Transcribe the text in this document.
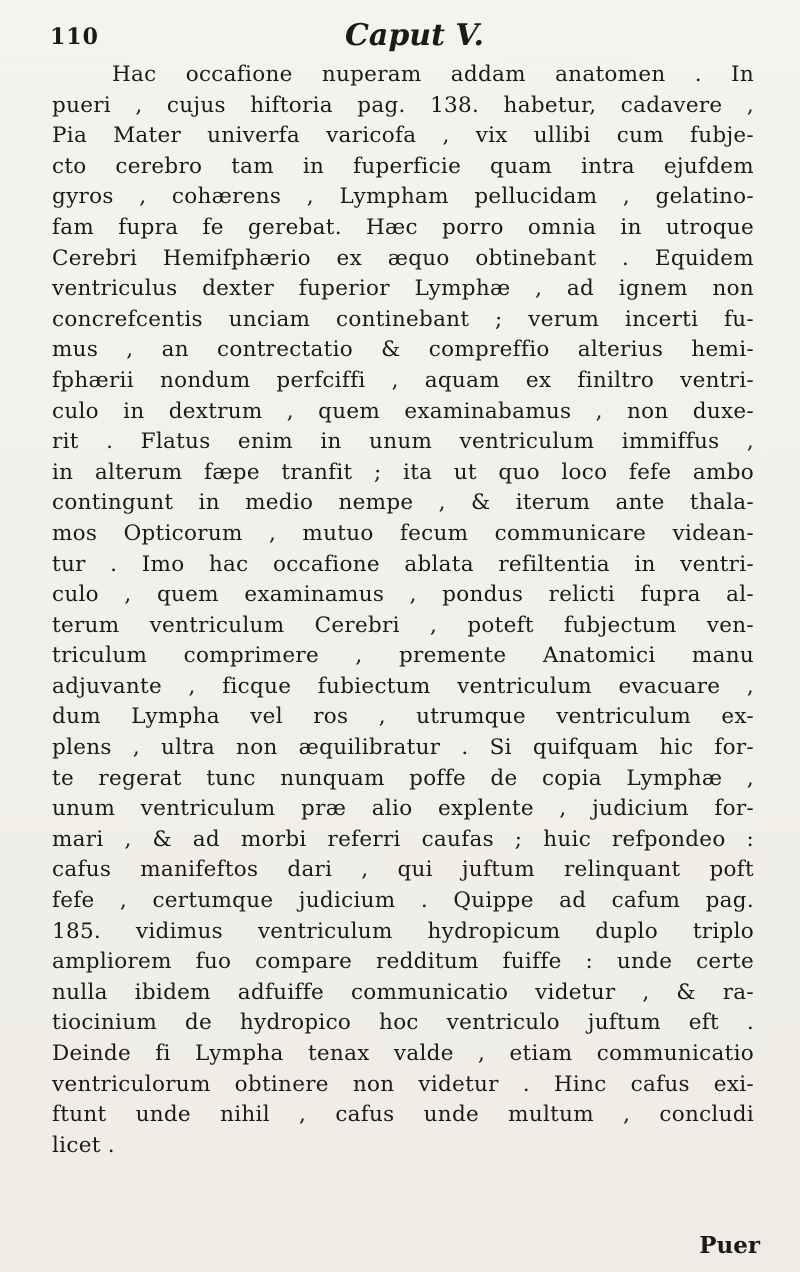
110	Caput V.
Hac occafione nuperam addam anatomen . In
pueri , cujus hiftoria pag. 138. habetur, cadavere ,
Pia Mater univerfa varicofa , vix ullibi cum fubje-
cto cerebro tam in fuperficie quam intra ejufdem
gyros , cohærens , Lympham pellucidam , gelatino-
fam fupra fe gerebat. Hæc porro omnia in utroque
Cerebri Hemifphærio ex æquo obtinebant . Equidem
ventriculus dexter fuperior Lymphæ , ad ignem non
concrefcentis unciam continebant ; verum incerti fu-
mus , an contrectatio & compreffio alterius hemi-
fphærii nondum perfciffi , aquam ex finiltro ventri-
culo in dextrum , quem examinabamus , non duxe-
rit . Flatus enim in unum ventriculum immiffus ,
in alterum fæpe tranfit ; ita ut quo loco fefe ambo
contingunt in medio nempe , & iterum ante thala-
mos Opticorum , mutuo fecum communicare videan-
tur . Imo hac occafione ablata refiltentia in ventri-
culo , quem examinamus , pondus relicti fupra al-
terum ventriculum Cerebri , poteft fubjectum ven-
triculum comprimere , premente Anatomici manu
adjuvante , ficque fubiectum ventriculum evacuare ,
dum Lympha vel ros , utrumque ventriculum ex-
plens , ultra non æquilibratur . Si quifquam hic for-
te regerat tunc nunquam poffe de copia Lymphæ ,
unum ventriculum præ alio explente , judicium for-
mari , & ad morbi referri caufas ; huic refpondeo :
cafus manifeftos dari , qui juftum relinquant poft
fefe , certumque judicium . Quippe ad cafum pag.
185. vidimus ventriculum hydropicum duplo triplo
ampliorem fuo compare redditum fuiffe : unde certe
nulla ibidem adfuiffe communicatio videtur , & ra-
tiocinium de hydropico hoc ventriculo juftum eft .
Deinde fi Lympha tenax valde , etiam communicatio
ventriculorum obtinere non videtur . Hinc cafus exi-
ftunt unde nihil , cafus unde multum , concludi
licet .
Puer
